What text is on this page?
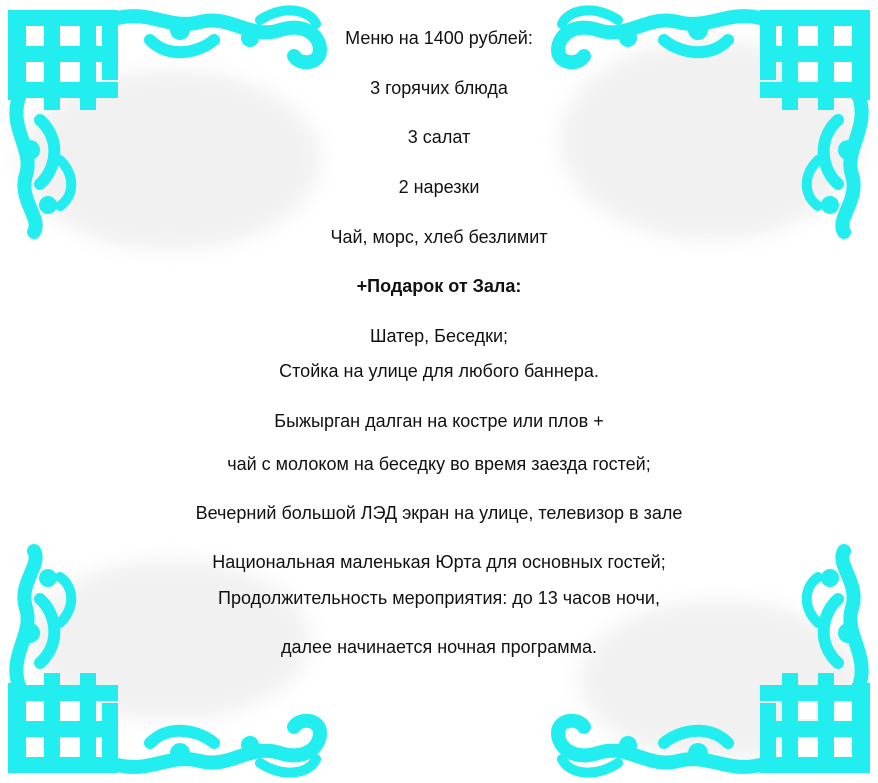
Меню на 1400 рублей:
3 горячих блюда
3 салат
2 нарезки
Чай, морс, хлеб безлимит
+Подарок от Зала:
Шатер, Беседки;
Стойка на улице для любого баннера.
Быжырган далган на костре или плов +
чай с молоком на беседку во время заезда гостей;
Вечерний большой ЛЭД экран на улице, телевизор в зале
Национальная маленькая Юрта для основных гостей;
Продолжительность мероприятия: до 13 часов ночи,
далее начинается ночная программа.
